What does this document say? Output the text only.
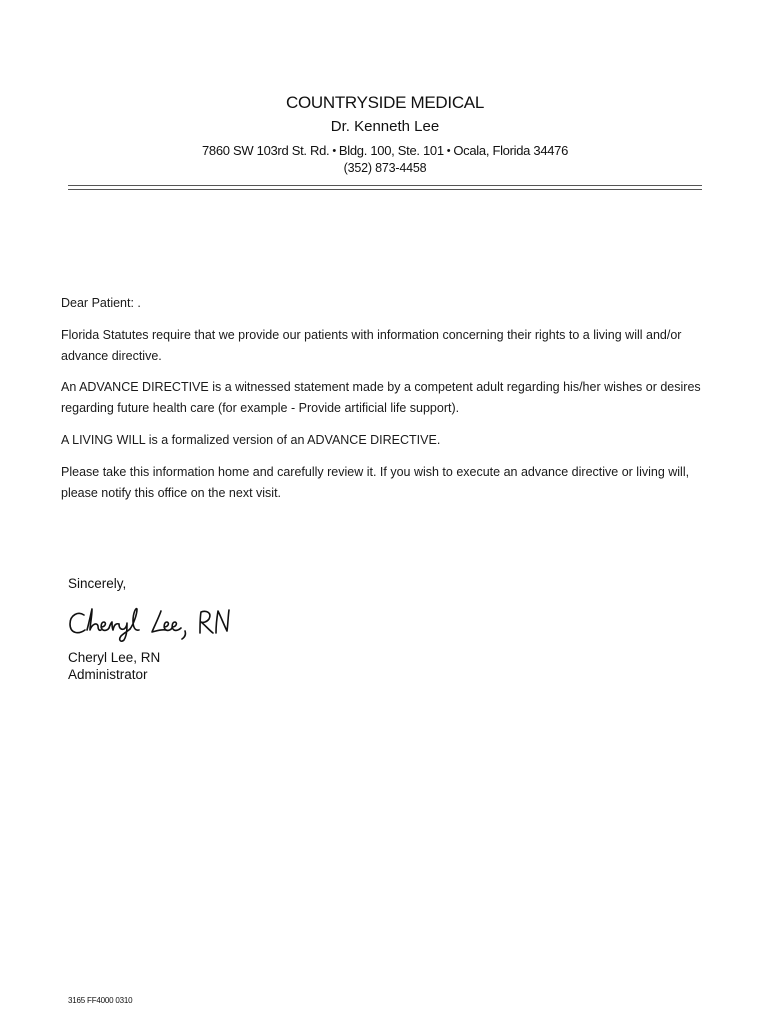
COUNTRYSIDE MEDICAL
Dr. Kenneth Lee
7860 SW 103rd St. Rd. • Bldg. 100, Ste. 101 • Ocala, Florida 34476
(352) 873-4458
Dear Patient: .
Florida Statutes require that we provide our patients with information concerning their rights to a living will and/or advance directive.
An ADVANCE DIRECTIVE is a witnessed statement made by a competent adult regarding his/her wishes or desires regarding future health care (for example - Provide artificial life support).
A LIVING WILL is a formalized version of an ADVANCE DIRECTIVE.
Please take this information home and carefully review it. If you wish to execute an advance directive or living will, please notify this office on the next visit.
Sincerely,
Cheryl Lee, RN
Administrator
3165 FF4000 0310
